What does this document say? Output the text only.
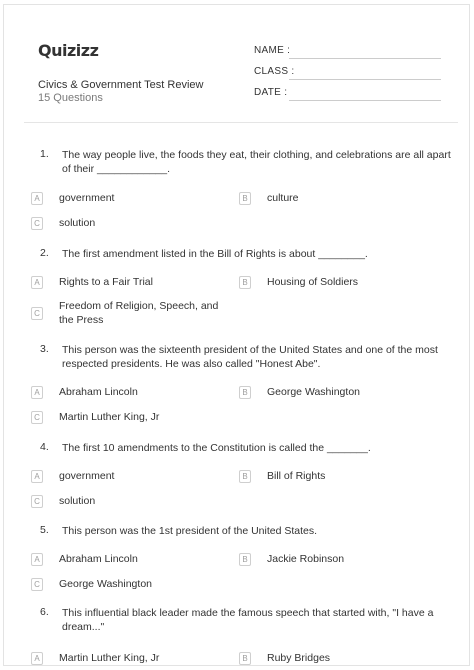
Quizizz
Civics & Government Test Review
15 Questions
NAME :
CLASS :
DATE :
1. The way people live, the foods they eat, their clothing, and celebrations are all apart of their ____________.
A	government	B	culture
C solution
2. The first amendment listed in the Bill of Rights is about ________.
A	Rights to a Fair Trial	B	Housing of Soldiers
C
Freedom of Religion, Speech, and the Press
3. This person was the sixteenth president of the United States and one of the most respected presidents. He was also called "Honest Abe".
A	Abraham Lincoln	B	George Washington
C Martin Luther King, Jr
4. The first 10 amendments to the Constitution is called the _______.
A	government	B	Bill of Rights
C solution
5. This person was the 1st president of the United States.
A	Abraham Lincoln	B	Jackie Robinson
C George Washington
6. This influential black leader made the famous speech that started with, "I have a dream..."
A	Martin Luther King, Jr	B	Ruby Bridges
